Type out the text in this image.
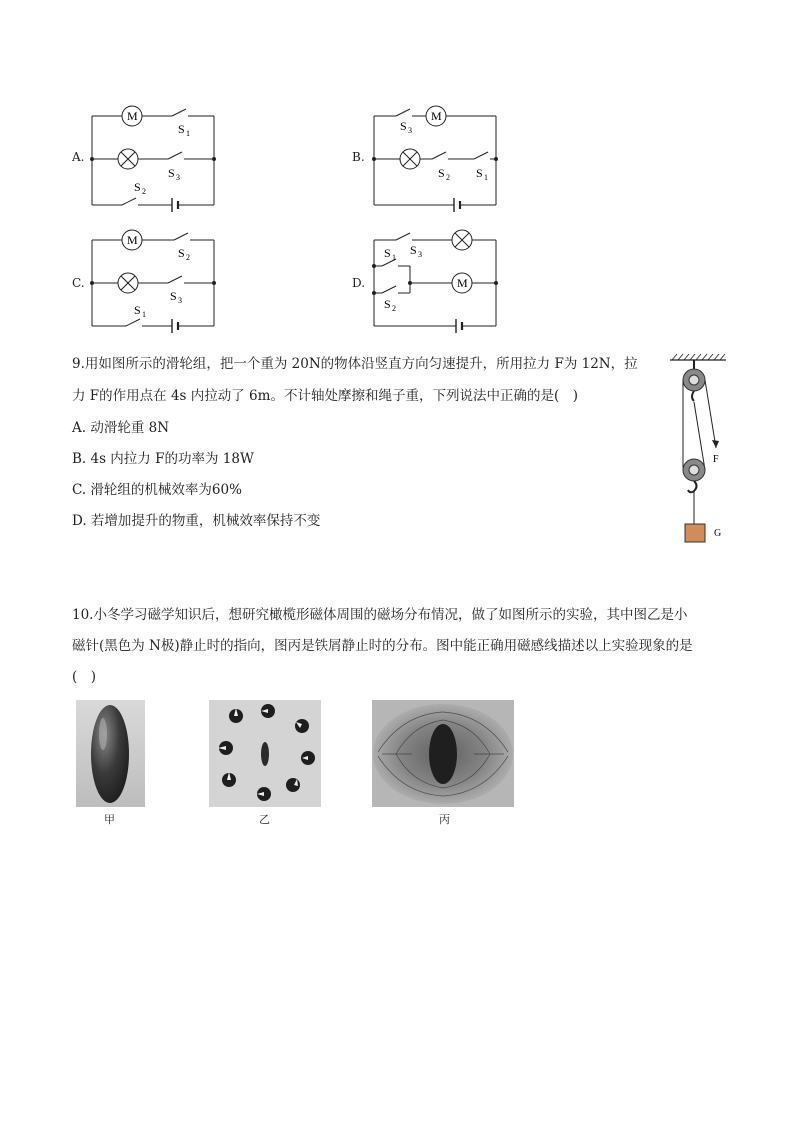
M
S 1
S 3
S 2
A.
M
S 3
S 2 S 1
B.
M
S 2
S 3
S 1
C.	M
S 3
S 1
S 2
D.
9.用如图所示的滑轮组，把一个重为 20N的物体沿竖直方向匀速提升，所用拉力 F为 12N，拉
力 F的作用点在 4s 内拉动了 6m。不计轴处摩擦和绳子重，下列说法中正确的是(　)
A. 动滑轮重 8N
B. 4s 内拉力 F的功率为 18W
C. 滑轮组的机械效率为60%
D. 若增加提升的物重，机械效率保持不变
F
G
10.小冬学习磁学知识后，想研究橄榄形磁体周围的磁场分布情况，做了如图所示的实验，其中图乙是小
磁针(黑色为 N极)静止时的指向，图丙是铁屑静止时的分布。图中能正确用磁感线描述以上实验现象的是
(　)
甲	乙	丙
